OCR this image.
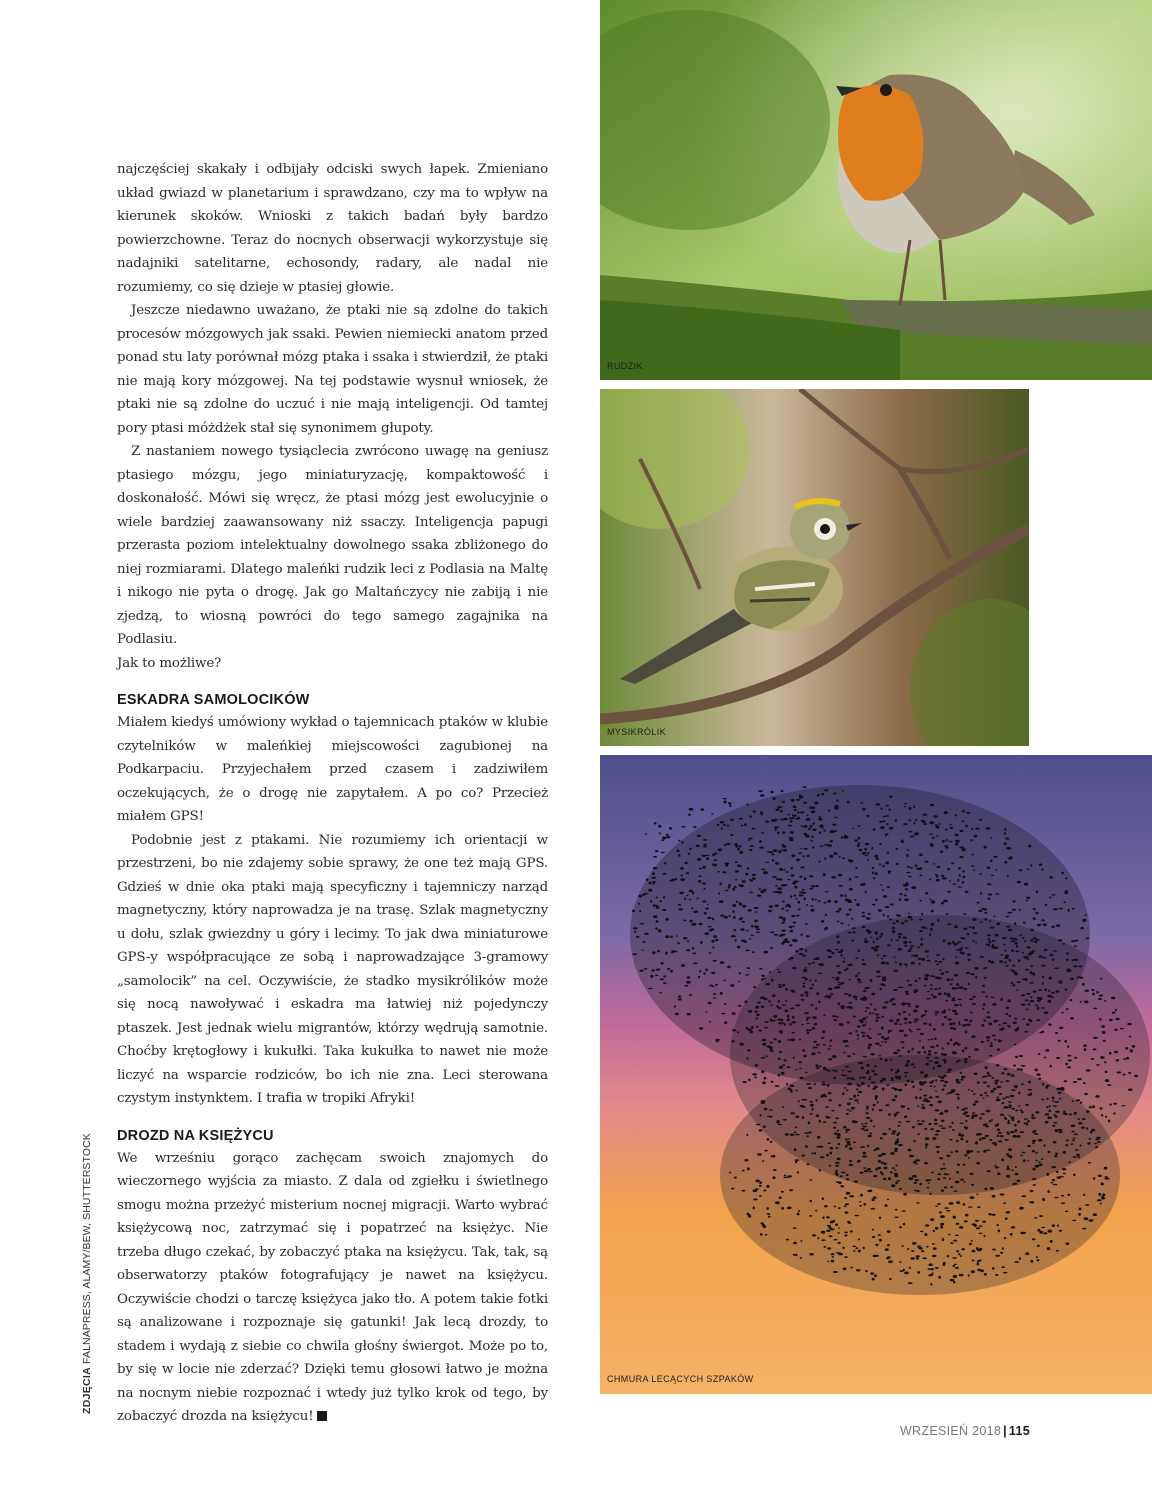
najczęściej skakały i odbijały odciski swych łapek. Zmieniano układ gwiazd w planetarium i sprawdzano, czy ma to wpływ na kierunek skoków. Wnioski z takich badań były bardzo powierzchowne. Teraz do nocnych obserwacji wykorzystuje się nadajniki satelitarne, echosondy, radary, ale nadal nie rozumiemy, co się dzieje w ptasiej głowie.

Jeszcze niedawno uważano, że ptaki nie są zdolne do takich procesów mózgowych jak ssaki. Pewien niemiecki anatom przed ponad stu laty porównał mózg ptaka i ssaka i stwierdził, że ptaki nie mają kory mózgowej. Na tej podstawie wysnuł wniosek, że ptaki nie są zdolne do uczuć i nie mają inteligencji. Od tamtej pory ptasi móżdżek stał się synonimem głupoty.

Z nastaniem nowego tysiąclecia zwrócono uwagę na geniusz ptasiego mózgu, jego miniaturyzację, kompaktowość i doskonałość. Mówi się wręcz, że ptasi mózg jest ewolucyjnie o wiele bardziej zaawansowany niż ssaczy. Inteligencja papugi przerasta poziom intelektualny dowolnego ssaka zbliżonego do niej rozmiarami. Dlatego maleńki rudzik leci z Podlasia na Maltę i nikogo nie pyta o drogę. Jak go Maltańczycy nie zabiją i nie zjedzą, to wiosną powróci do tego samego zagajnika na Podlasiu.

Jak to możliwe?

ESKADRA SAMOLOCIKÓW

Miałem kiedyś umówiony wykład o tajemnicach ptaków w klubie czytelników w maleńkiej miejscowości zagubionej na Podkarpaciu. Przyjechałem przed czasem i zadziwiłem oczekujących, że o drogę nie zapytałem. A po co? Przecież miałem GPS!

Podobnie jest z ptakami. Nie rozumiemy ich orientacji w przestrzeni, bo nie zdajemy sobie sprawy, że one też mają GPS. Gdzieś w dnie oka ptaki mają specyficzny i tajemniczy narząd magnetyczny, który naprowadza je na trasę. Szlak magnetyczny u dołu, szlak gwiezdny u góry i lecimy. To jak dwa miniaturowe GPS-y współpracujące ze sobą i naprowadzające 3-gramowy „samolocik” na cel. Oczywiście, że stadko mysikrólików może się nocą nawoływać i eskadra ma łatwiej niż pojedynczy ptaszek. Jest jednak wielu migrantów, którzy wędrują samotnie. Choćby krętogłowy i kukułki. Taka kukułka to nawet nie może liczyć na wsparcie rodziców, bo ich nie zna. Leci sterowana czystym instynktem. I trafia w tropiki Afryki!

DROZD NA KSIĘŻYCU

We wrześniu gorąco zachęcam swoich znajomych do wieczornego wyjścia za miasto. Z dala od zgiełku i świetlnego smogu można przeżyć misterium nocnej migracji. Warto wybrać księżycową noc, zatrzymać się i popatrzeć na księżyc. Nie trzeba długo czekać, by zobaczyć ptaka na księżycu. Tak, tak, są obserwatorzy ptaków fotografujący je nawet na księżycu. Oczywiście chodzi o tarczę księżyca jako tło. A potem takie fotki są analizowane i rozpoznaje się gatunki! Jak lecą drozdy, to stadem i wydają z siebie co chwila głośny świergot. Może po to, by się w locie nie zderzać? Dzięki temu głosowi łatwo je można na nocnym niebie rozpoznać i wtedy już tylko krok od tego, by zobaczyć drozda na księżycu!

ZDJĘCIA FALNAPRESS, ALAMY/BEW, SHUTTERSTOCK
RUDZIK
MYSIKRÓLIK
CHMURA LECĄCYCH SZPAKÓW
WRZESIEŃ 2018 | 115
